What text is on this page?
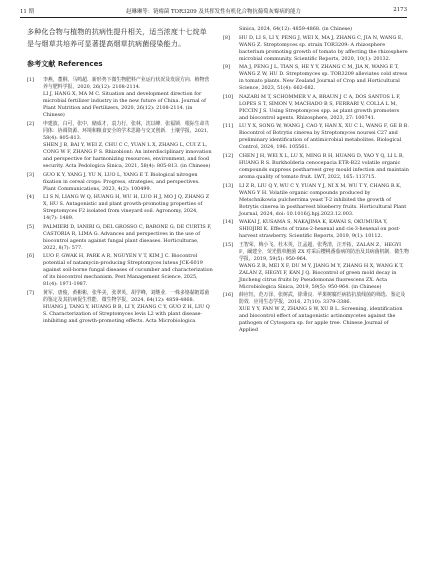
11 期	赵琳琳等：链霉菌 TOR3209 及其挥发性有机化合物抗葡萄灰霉病的能力	2173

多种化合物与植物的抗病性提升相关，适当浓度十七烷单是与烟草共培养可显著提高烟草抗病菌侵染能力。

参考文献 References
[1]	李燕，董桐，马鸣超．新形势下微生物肥料产业运行状况及发展方向．植物营养与肥料学报，2020, 26(12): 2108-2114.
LI J, HANG X, MA M C. Situation and development direction for microbial fertilizer industry in the new future of China. Journal of Plant Nutrition and Fertilizers, 2020, 26(12): 2108-2114. (in Chinese)
[2]	申建波，白可，张中，储成才，袁力行，张林，沈以峰．张福锁．根际生命共同体：协调资源、环境和粮食安全的学术思路与交叉创新．土壤学报，2021, 58(4): 805-813.
SHEN J B, BAI Y, WEI Z, CHU C C, YUAN L X, ZHANG L, CUI Z L, CONG W F, ZHANG F S. Rhizobiont: An interdisciplinary innovation and perspective for harmonizing resources, environment, and food security. Acta Pedologica Sinica, 2021, 58(4): 805-813. (in Chinese)
[3]	GUO K Y, YANG J, YU N, LUO L, YANG E T. Biological nitrogen fixation in cereal crops: Progress, strategies, and perspectives. Plant Communications, 2023, 4(2): 100499.
[4]	LI S N, LIANG W Q, HUANG H, WU H, LUO H J, MO J Q, ZHANG Z X, HU S. Antagonistic and plant growth-promoting properties of Streptomyces F2 isolated from vineyard soil. Agronomy, 2024, 14(7): 1489.
[5]	PALMIERI D, IANIRI G, DEL GROSSO C, BARONE G, DE CURTIS F, CASTORIA R, LIMA G. Advances and perspectives in the use of biocontrol agents against fungal plant diseases. Horticulturae, 2022, 8(7): 577.
[6]	LUO F, GWAK H, PARK A R, NGUYEN V T, KIM J C. Biocontrol potential of natamycin-producing Streptomyces luteus JCK-6019 against soil-borne fungal diseases of cucumber and characterization of its biocontrol mechanism. Pest Management Science, 2025, 81(4): 1971-1987.
[7]	黄军，唐俊，黄彬彬，张华美，张翠英，胡学峰，刘继业．一株多铬黏链霉菌的鉴定及其抗病促生性能．微生物学报，2024, 64(12): 4859-4868.
HUANG J, TANG Y, HUANG B B, LI Y, ZHANG C Y, GUO Z H, LIU Q S. Characterization of Streptomyces levis L2 with plant disease-inhibiting and growth-promoting effects. Acta Microbiologica
Sinica, 2024, 64(12): 4859-4868. (in Chinese)
[8]	HU D, LI S, LI Y, PENG J, WEI X, MA J, ZHANG C, JIA N, WANG E, WANG Z. Streptomyces sp. strain TOR3209: A rhizosphere bacterium promoting growth of tomato by affecting the rhizosphere microbial community. Scientific Reports, 2020, 10(1): 20132.
[9]	MA J, PENG J L, TIAN S, HE Y Y, ZHANG C M, JIA N, WANG E T, WANG Z W, HU D. Streptomyces sp. TOR3209 alleviates cold stress in tomato plants. New Zealand Journal of Crop and Horticultural Science, 2023, 51(4): 662-682.
[10]	NAZARI M T, SCHOMMER V A, BRAUN J C A, DOS SANTOS L F, LOPES S T, SIMON V, MACHADO B S, FERRARI V, COLLA L M, PICCIN J S. Using Streptomyces spp. as plant growth promoters and biocontrol agents. Rhizosphere, 2023, 27: 100741.
[11]	LU Y X, SONG W, WANG J, CAO Y, HAN X, XU C L, WANG F, GE B B. Biocontrol of Botrytis cinerea by Streptomyces noursei C27 and preliminary identification of antimicrobial metabolites. Biological Control, 2024, 196: 105561.
[12]	CHEN J H, WEI X L, LU X, MING R H, HUANG D, YAO Y Q, LI L B, HUANG R S. Burkholderia cenocepacia ETR-B22 volatile organic compounds suppress postharvest grey mould infection and maintain aroma quality of tomato fruit. LWT, 2022, 165: 113715.
[13]	LI Z R, LIU Q Y, WU C Y, YUAN Y J, NI X M, WU T Y, CHANG R K, WANG Y H. Volatile organic compounds produced by Metschnikowia pulcherrima yeast T-2 inhibited the growth of Botrytis cinerea in postharvest blueberry fruits. Horticultural Plant Journal, 2024, doi: 10.1016/j.hpj.2023.12.003.
[14]	WAKAI J, KUSAMA S, NAKAJIMA K, KAWAI S, OKUMURA Y, SHIOJIRI K. Effects of trans-2-hexenal and cis-3-hexenal on post-harvest strawberry. Scientific Reports, 2019, 9(1): 10112.
[15]	王智荣，梅小飞，杜木英，江孟超，张秀清，汪开拓，ZALÁN Z，HEGYI F，阚建全．荧光假单胞菌 ZX 对采后樱桃番茄病的防治及其病菌机制．微生物学报，2019, 59(5): 950-964.
WANG Z R, MEI X F, DU M Y, JIANG M Y, ZHANG H X, WANG K T, ZALÁN Z, HEGYI F, KAN J Q. Biocontrol of green mold decay in Jincheng citrus fruits by Pseudomonas fluorescens ZX. Acta Microbiologica Sinica, 2019, 59(5): 950-964. (in Chinese)
[16]	薛应钰，范万泽，张树武，徐秉良．苹果树腐烂病拮抗放线菌的筛选、鉴定及防效．应用生态学报，2016, 27(10): 3379-3386.
XUE Y Y, FAN W Z, ZHANG S W, XU B L. Screening, identification and biocontrol effect of antagonistic actinomycetes against the pathogen of Cytospora sp. for apple tree. Chinese Journal of Applied
